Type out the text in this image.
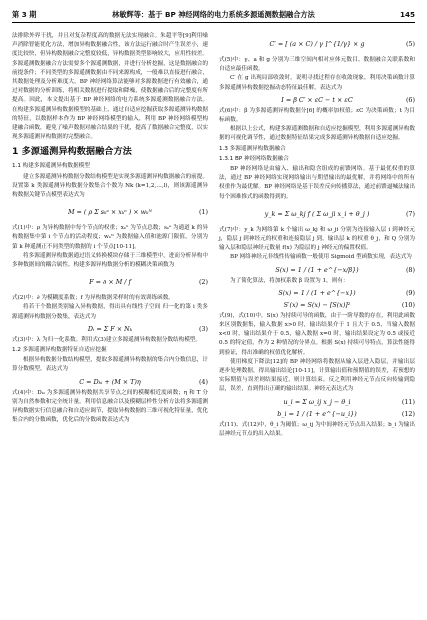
第 3 期	林敏辉等：基于 BP 神经网络的电力系统多源遥测数据融合方法	145

法排除外界干扰，并且对复杂程度高的数据无法实现融合。朱超平等[9]利用噪声消除智能优化方法，增加异构数据融合性，该方法运行融合时产生误差小，速度比较快，但异构数据融合完整度较低，异构数据类型影响较大，应用性较差。多源遥测数据融合方法需要多个源遥测数据，并进行分析挖掘，这是数据融合的前提条件；不同类型的多源遥测数据由不同来源构成，一般难以直接进行融合，其数据处理及分析难度大。BP 神经网络算法能够对多源数据进行有效融合，通过对数据的分析训练，将相关数据进行提取和降噪，使数据融合后的完整度有所提高。因此，本文提出基于 BP 神经网络的电力系统多源遥测数据融合方法。在构建多源遥测异构数据模型的基础上，通过自适应挖掘获取多源遥测异构数据的特征，以数据样本作为 BP 神经网络模型的输入，利用 BP 神经网络模型构建融合函数，避免了噪声数据对融合结果的干扰，提高了数据融合完整度，以实现多源遥测异构数据的完整融合。

1 多源遥测异构数据融合方法
1.1 构建多源遥测异构数据模型

建立多源遥测异构数据分数结构模型是实现多源遥测异构数据融合的前提。设置第 k 类源遥测异构数据分数集合个数为 Nk (k=1,2,…,l)，则该源遥测异构数据关键节点模型表达式为

M = ( ρ Σ sₖᵃ × xₖⁿ ) × wₖᴺ	(1)

式(1)中：ρ 为异构数据中每个节点的权重；xₖⁿ 为节点总数；sₖᵃ 为通道 k 的异构数据集中第 i 个节点的活动程度；wₖᴺ 为数据输入值和池源门限值，分别为第 k 种遥测正不同类型的数据的 i 个节点[10-11]。

将多源遥测异构数据通过语义转换模块存储于三维模型中，进而分析异构中多种数据间的耦合属性，构建多源异构数据分析的模糊决策函数为

F = ∂ × M / f	(2)

式(2)中：∂ 为模糊度系数；f 为异构数据采样时的有效训练函数。

将若干个数据类别输入异构数据，得出具有线性子空间 归一化的第 i 类多源遥测异构数据分数集，表达式为

Dᵢ = Σ F × Nₖ	(3)

式(3)中：λ 为归一化系数。利用式(3)建立多源遥测异构数据分数结构模型。

1.2 多源遥测异构数据特征自适应挖掘

根据异构数据分数结构模型，提取多源遥测异构数据的集合内分数信息，计算分数模型，表达式为

C = Dₖᵢ + (M × T)η	(4)

式(4)中：Dₖᵢ 为多源遥测异构数据共享节点之间的模糊相近度函数；η 和 T 分别为自然参数和完全统计量。利用信息融合以及模糊层样性分析方法将多源遥测异构数据实行信息融合和自适应调节，提取异构数据的三维可视化特征量，优化集合内的分数函数，优化后的分数函数表达式为

C′ = [ (a × C) / γ ]^{1/γ} × g	(5)

式(5)中：γ、a 和 g 分别为三维空间内相对应体元数目、数据融合关联系数和自适应最佳函数。

C′ 在 g 出现局部收敛时，说明寻找过程存在收敛现象，利用决策函数计算多源遥测异构数据挖掘动态特征最佳解，表达式为

I = β C′ × εC − t × εC	(6)

式(6)中：β 为多源遥测异构数据分[6] 的概率加权值；εC 为决策函数；t 为目标函数。

根据以上公式，构建多源遥测数据和自适应挖掘模型，利用多源遥测异构数据的可视化调节性，通过数据特征结果完成多源遥测异构数据自适应挖掘。

1.3 多源遥测异构数据融合
1.3.1 BP 神经网络数据融合

BP 神经网络是由输入、输出和隐含组成的前馈网络。基于最优权重的算法，通过 BP 神经网络实现网络输出与期望输出的最优解，并将网络中的所有权重作为最优解。BP 神经网络是基于误差反向传播算法，通过前馈逼喊法输出每个困难推式的函数得到的。

y_k = Σ ω_kj f ( Σ ω_ji x_i + θ_j )	(7)

式(7)中：y_k 为网络第 k 个输出 ω_kj 和 ω_ji 分别为连接输入层 i 到神经元 j，隐层 j 到神经元的权重和连接隐层 j 到，输出层 k 的权重 θ_j，和 Q 分别为输入层和隐层神经元数量 f(x) 为隐层的 j 神经元的偏置权值。

BP 网络神经元非线性传输函数一般使用 Sigmoid 型函数实现，表达式为

S(x) = 1 / (1 + e^{−x/β})	(8)

为了简化算法，将加权系数 β 设置为 1，则有：

S(x) = 1 / (1 + e^{−x})	(9)
S′(x) = S(x) − [S(x)]²	(10)

式(9)，式(10)中，S(x) 为持续可导的函数，由于一阶导数的存在，利用此函数来区别数据集，输入数据 x>0 时，输出结果介于 1 且大于 0.5，当输入数据 x<0 时，输出结果介于 0.5，输入数据 x=0 时，输出结果设定为 0.5 或接近 0.5 的特定值，作为 2 种情况的分界点。根据 S(x) 持续可导特点，算法性能得到验证，得出准确的权值优化解析。

使用梯度下降法[12]的 BP 神经网络将数据从输入层进入隐层，并输出层逐步处理数据，得出输出结论[10-11]，计算输出值和预期值的误差，若预想的实际期值与误差则结果接近，则计算结束。反之利用神经元节点反向传输到隐层，误差，直到得出正确的输出结果。神经元表达式为

u_i = Σ ω_ij x_j − θ_i	(11)
b_i = 1 / (1 + e^{−u_i})	(12)

式(11)、式(12)中，θ_i 为阈值；ω_ij 为中间神经元节点出入结果；b_i 为输出层神经元节点的出入结果。
